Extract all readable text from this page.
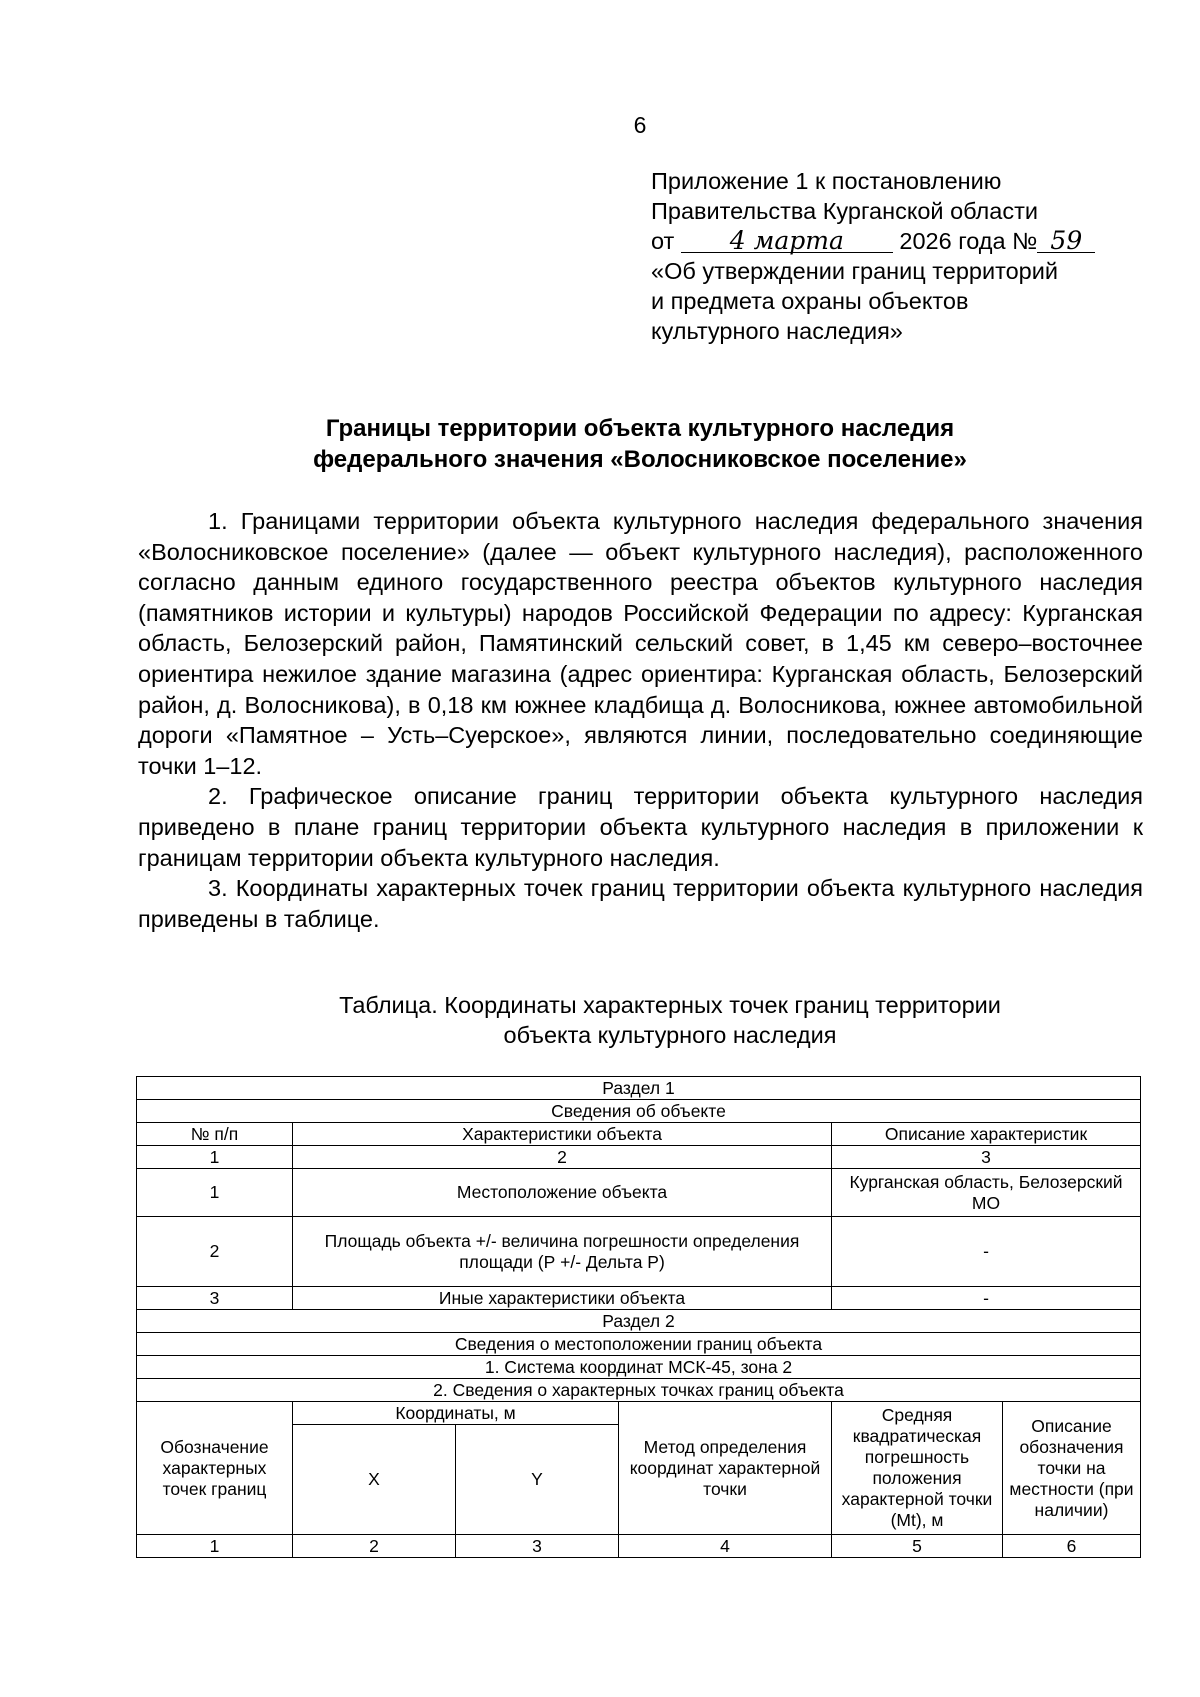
6
Приложение 1 к постановлению
Правительства Курганской области
от 4 марта 2026 года № 59
«Об утверждении границ территорий
и предмета охраны объектов
культурного наследия»
Границы территории объекта культурного наследия
федерального значения «Волосниковское поселение»

1. Границами территории объекта культурного наследия федерального значения «Волосниковское поселение» (далее — объект культурного наследия), расположенного согласно данным единого государственного реестра объектов культурного наследия (памятников истории и культуры) народов Российской Федерации по адресу: Курганская область, Белозерский район, Памятинский сельский совет, в 1,45 км северо–восточнее ориентира нежилое здание магазина (адрес ориентира: Курганская область, Белозерский район, д. Волосникова), в 0,18 км южнее кладбища д. Волосникова, южнее автомобильной дороги «Памятное – Усть–Суерское», являются линии, последовательно соединяющие точки 1–12.

2. Графическое описание границ территории объекта культурного наследия приведено в плане границ территории объекта культурного наследия в приложении к границам территории объекта культурного наследия.

3. Координаты характерных точек границ территории объекта культурного наследия приведены в таблице.

Таблица. Координаты характерных точек границ территории
объекта культурного наследия
Раздел 1					
Сведения об объекте					
№ п/п	Характеристики объекта			Описание характеристик	
1	2			3	
1	Местоположение объекта			Курганская область, Белозерский МО	
2	Площадь объекта +/- величина погрешности определения площади (Р +/- Дельта Р)			-	
3	Иные характеристики объекта			-	
Раздел 2					
Сведения о местоположении границ объекта					
1. Система координат МСК-45, зона 2					
2. Сведения о характерных точках границ объекта					
Обозначение характерных точек границ	Координаты, м		Метод определения координат характерной точки	Средняя квадратическая погрешность положения характерной точки (Mt), м	Описание обозначения точки на местности (при наличии)
	X	Y			
1	2	3	4	5	6
